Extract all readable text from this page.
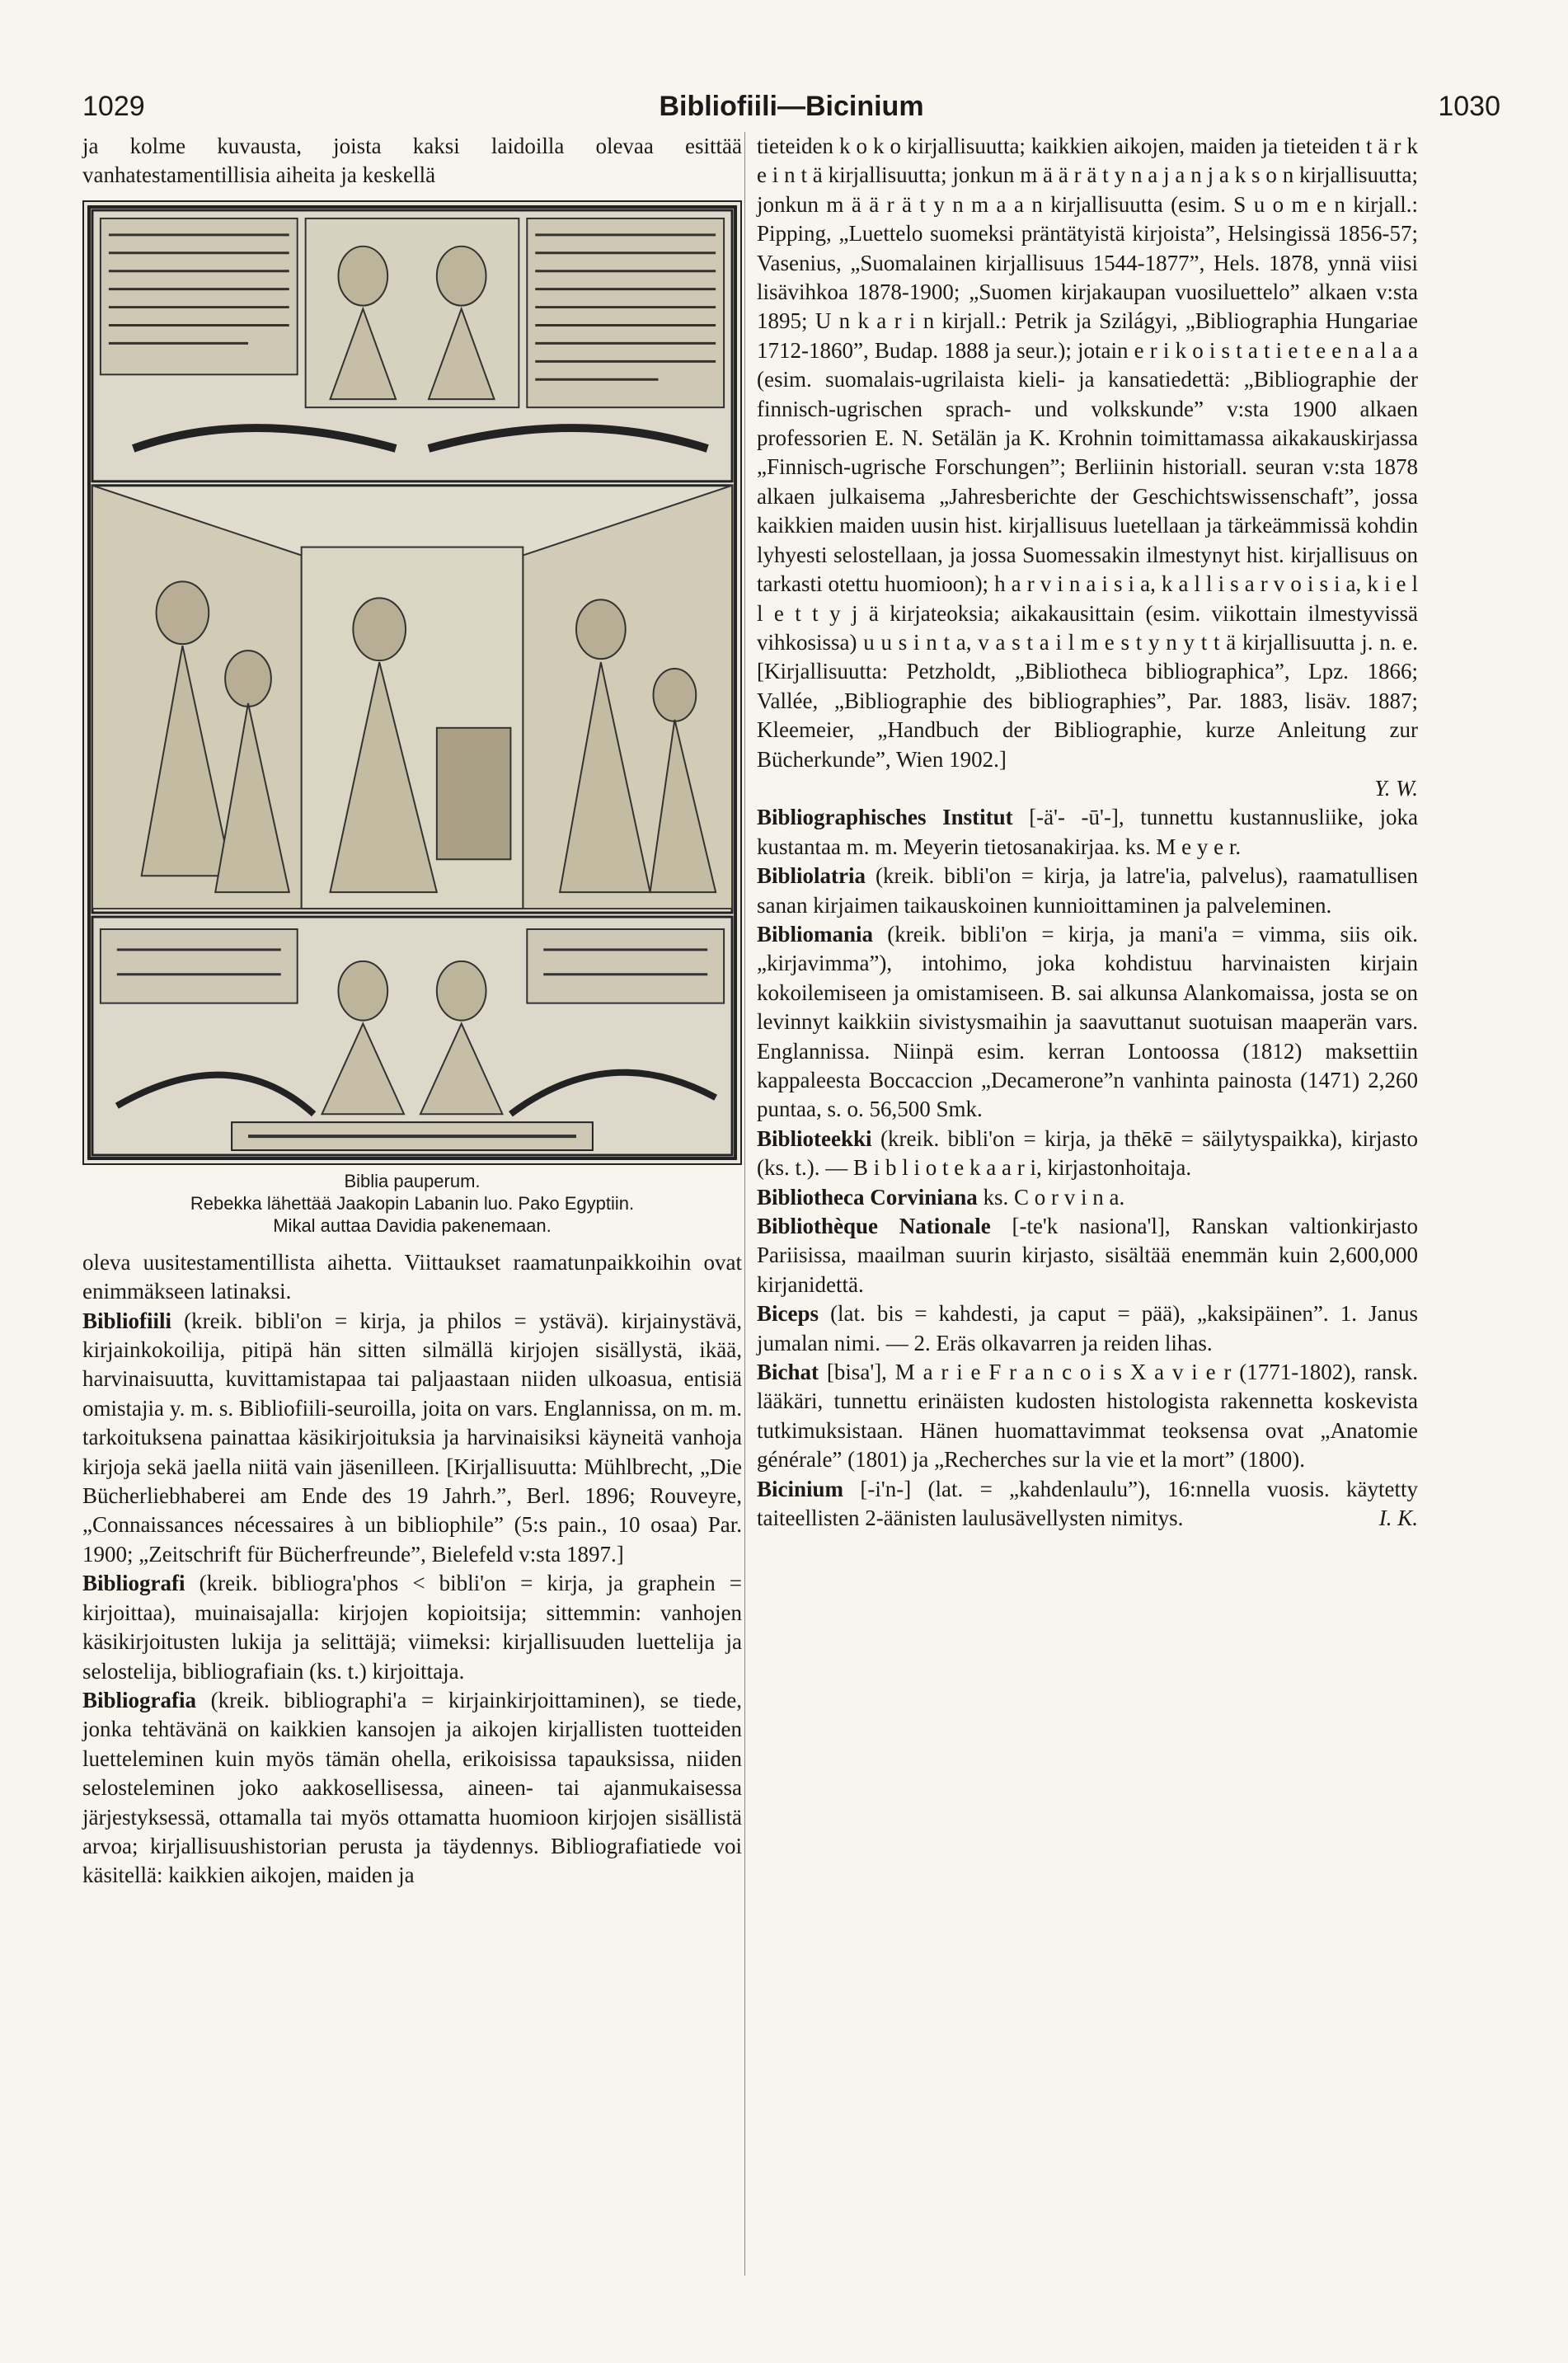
1029	Bibliofiili—Bicinium	1030

ja kolme kuvausta, joista kaksi laidoilla olevaa esittää vanhatestamentillisia aiheita ja keskellä

Biblia pauperum.
Rebekka lähettää Jaakopin Labanin luo. Pako Egyptiin.
Mikal auttaa Davidia pakenemaan.

oleva uusitestamentillista aihetta. Viittaukset raamatunpaikkoihin ovat enimmäkseen latinaksi.

Bibliofiili (kreik. bibli'on = kirja, ja philos = ystävä). kirjainystävä, kirjainkokoilija, pitipä hän sitten silmällä kirjojen sisällystä, ikää, harvinaisuutta, kuvittamistapaa tai paljaastaan niiden ulkoasua, entisiä omistajia y. m. s. Bibliofiili-seuroilla, joita on vars. Englannissa, on m. m. tarkoituksena painattaa käsikirjoituksia ja harvinaisiksi käyneitä vanhoja kirjoja sekä jaella niitä vain jäsenilleen. [Kirjallisuutta: Mühlbrecht, „Die Bücherliebhaberei am Ende des 19 Jahrh.”, Berl. 1896; Rouveyre, „Connaissances nécessaires à un bibliophile” (5:s pain., 10 osaa) Par. 1900; „Zeitschrift für Bücherfreunde”, Bielefeld v:sta 1897.]

Bibliografi (kreik. bibliogra'phos < bibli'on = kirja, ja graphein = kirjoittaa), muinaisajalla: kirjojen kopioitsija; sittemmin: vanhojen käsikirjoitusten lukija ja selittäjä; viimeksi: kirjallisuuden luettelija ja selostelija, bibliografiain (ks. t.) kirjoittaja.

Bibliografia (kreik. bibliographi'a = kirjainkirjoittaminen), se tiede, jonka tehtävänä on kaikkien kansojen ja aikojen kirjallisten tuotteiden luetteleminen kuin myös tämän ohella, erikoisissa tapauksissa, niiden selosteleminen joko aakkosellisessa, aineen- tai ajanmukaisessa järjestyksessä, ottamalla tai myös ottamatta huomioon kirjojen sisällistä arvoa; kirjallisuushistorian perusta ja täydennys. Bibliografiatiede voi käsitellä: kaikkien aikojen, maiden ja

tieteiden k o k o kirjallisuutta; kaikkien aikojen, maiden ja tieteiden t ä r k e i n t ä kirjallisuutta; jonkun m ä ä r ä t y n a j a n j a k s o n kirjallisuutta; jonkun m ä ä r ä t y n m a a n kirjallisuutta (esim. S u o m e n kirjall.: Pipping, „Luettelo suomeksi präntätyistä kirjoista”, Helsingissä 1856-57; Vasenius, „Suomalainen kirjallisuus 1544-1877”, Hels. 1878, ynnä viisi lisävihkoa 1878-1900; „Suomen kirjakaupan vuosiluettelo” alkaen v:sta 1895; U n k a r i n kirjall.: Petrik ja Szilágyi, „Bibliographia Hungariae 1712-1860”, Budap. 1888 ja seur.); jotain e r i k o i s t a t i e t e e n a l a a (esim. suomalais-ugrilaista kieli- ja kansatiedettä: „Bibliographie der finnisch-ugrischen sprach- und volkskunde” v:sta 1900 alkaen professorien E. N. Setälän ja K. Krohnin toimittamassa aikakauskirjassa „Finnisch-ugrische Forschungen”; Berliinin historiall. seuran v:sta 1878 alkaen julkaisema „Jahresberichte der Geschichtswissenschaft”, jossa kaikkien maiden uusin hist. kirjallisuus luetellaan ja tärkeämmissä kohdin lyhyesti selostellaan, ja jossa Suomessakin ilmestynyt hist. kirjallisuus on tarkasti otettu huomioon); h a r v i n a i s i a, k a l l i s a r v o i s i a, k i e l l e t t y j ä kirjateoksia; aikakausittain (esim. viikottain ilmestyvissä vihkosissa) u u s i n t a, v a s t a i l m e s t y n y t t ä kirjallisuutta j. n. e. [Kirjallisuutta: Petzholdt, „Bibliotheca bibliographica”, Lpz. 1866; Vallée, „Bibliographie des bibliographies”, Par. 1883, lisäv. 1887; Kleemeier, „Handbuch der Bibliographie, kurze Anleitung zur Bücherkunde”, Wien 1902.]

Y. W.

Bibliographisches Institut [-ä'- -ū'-], tunnettu kustannusliike, joka kustantaa m. m. Meyerin tietosanakirjaa. ks. M e y e r.

Bibliolatria (kreik. bibli'on = kirja, ja latre'ia, palvelus), raamatullisen sanan kirjaimen taikauskoinen kunnioittaminen ja palveleminen.

Bibliomania (kreik. bibli'on = kirja, ja mani'a = vimma, siis oik. „kirjavimma”), intohimo, joka kohdistuu harvinaisten kirjain kokoilemiseen ja omistamiseen. B. sai alkunsa Alankomaissa, josta se on levinnyt kaikkiin sivistysmaihin ja saavuttanut suotuisan maaperän vars. Englannissa. Niinpä esim. kerran Lontoossa (1812) maksettiin kappaleesta Boccaccion „Decamerone”n vanhinta painosta (1471) 2,260 puntaa, s. o. 56,500 Smk.

Biblioteekki (kreik. bibli'on = kirja, ja thēkē = säilytyspaikka), kirjasto (ks. t.). — B i b l i o t e k a a r i, kirjastonhoitaja.

Bibliotheca Corviniana ks. C o r v i n a.

Bibliothèque Nationale [-te'k nasiona'l], Ranskan valtionkirjasto Pariisissa, maailman suurin kirjasto, sisältää enemmän kuin 2,600,000 kirjanidettä.

Biceps (lat. bis = kahdesti, ja caput = pää), „kaksipäinen”. 1. Janus jumalan nimi. — 2. Eräs olkavarren ja reiden lihas.

Bichat [bisa'], M a r i e F r a n c o i s X a v i e r (1771-1802), ransk. lääkäri, tunnettu erinäisten kudosten histologista rakennetta koskevista tutkimuksistaan. Hänen huomattavimmat teoksensa ovat „Anatomie générale” (1801) ja „Recherches sur la vie et la mort” (1800).

Bicinium [-i'n-] (lat. = „kahdenlaulu”), 16:nnella vuosis. käytetty taiteellisten 2-äänisten laulusävellysten nimitys.	I. K.
